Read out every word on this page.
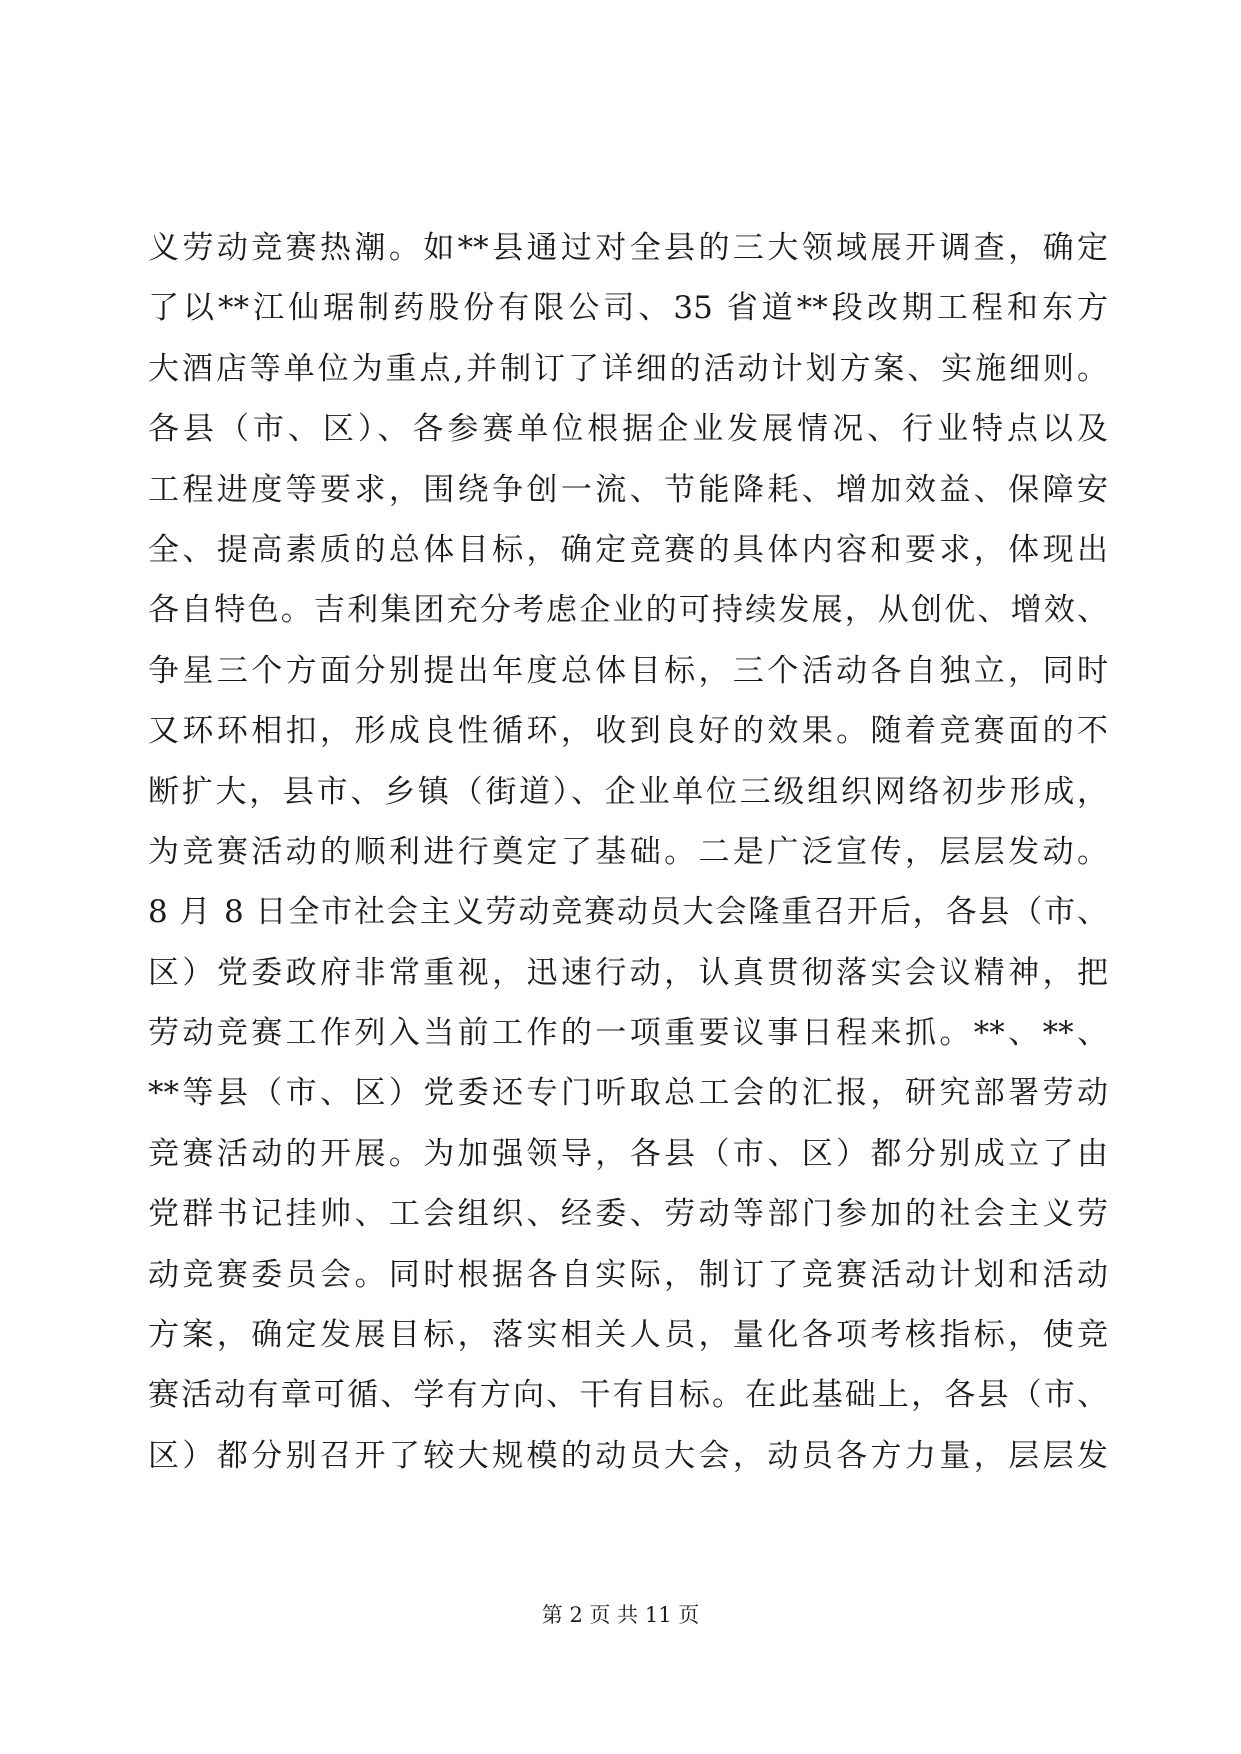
义劳动竞赛热潮。如**县通过对全县的三大领域展开调查，确定
了以**江仙琚制药股份有限公司、35 省道**段改期工程和东方
大酒店等单位为重点,并制订了详细的活动计划方案、实施细则。
各县（市、区）、各参赛单位根据企业发展情况、行业特点以及
工程进度等要求，围绕争创一流、节能降耗、增加效益、保障安
全、提高素质的总体目标，确定竞赛的具体内容和要求，体现出
各自特色。吉利集团充分考虑企业的可持续发展，从创优、增效、
争星三个方面分别提出年度总体目标，三个活动各自独立，同时
又环环相扣，形成良性循环，收到良好的效果。随着竞赛面的不
断扩大，县市、乡镇（街道）、企业单位三级组织网络初步形成，
为竞赛活动的顺利进行奠定了基础。二是广泛宣传，层层发动。
8 月 8 日全市社会主义劳动竞赛动员大会隆重召开后，各县（市、
区）党委政府非常重视，迅速行动，认真贯彻落实会议精神，把
劳动竞赛工作列入当前工作的一项重要议事日程来抓。**、**、
**等县（市、区）党委还专门听取总工会的汇报，研究部署劳动
竞赛活动的开展。为加强领导，各县（市、区）都分别成立了由
党群书记挂帅、工会组织、经委、劳动等部门参加的社会主义劳
动竞赛委员会。同时根据各自实际，制订了竞赛活动计划和活动
方案，确定发展目标，落实相关人员，量化各项考核指标，使竞
赛活动有章可循、学有方向、干有目标。在此基础上，各县（市、
区）都分别召开了较大规模的动员大会，动员各方力量，层层发
第 2 页 共 11 页
